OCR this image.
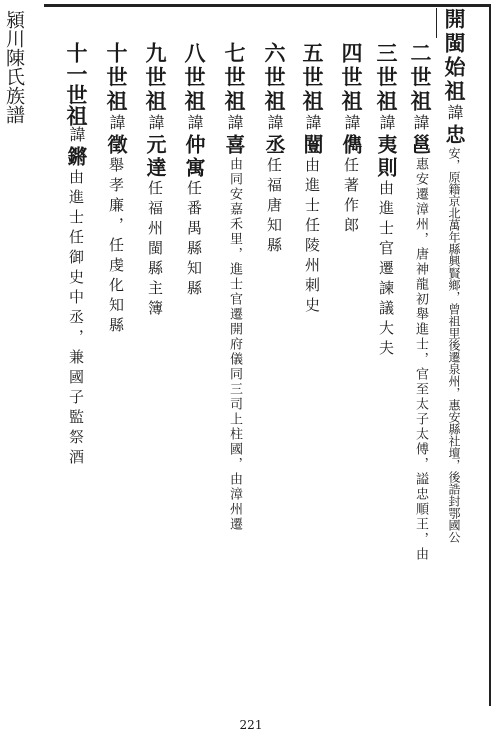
潁川陳氏族譜	開閩始祖諱忠安，原籍京北萬年縣興賢鄉，曾祖里後遷泉州，惠安縣社壇，後誥封鄂國公
二世祖諱邕惠安遷漳州，唐神龍初舉進士，官至太子太傅，謚忠順王，由
三世祖諱夷則由進士官遷諫議大夫
四世祖諱儁任著作郎
五世祖諱闓由進士任陵州刺史
六世祖諱丞任福唐知縣
七世祖諱喜由同安嘉禾里，進士官遷開府儀同三司上柱國，由漳州遷
八世祖諱仲寓任番禺縣知縣
九世祖諱元達任福州閩縣主簿
十世祖諱徵舉孝廉，任虔化知縣
十一世祖諱鏘由進士任御史中丞，兼國子監祭酒
221
